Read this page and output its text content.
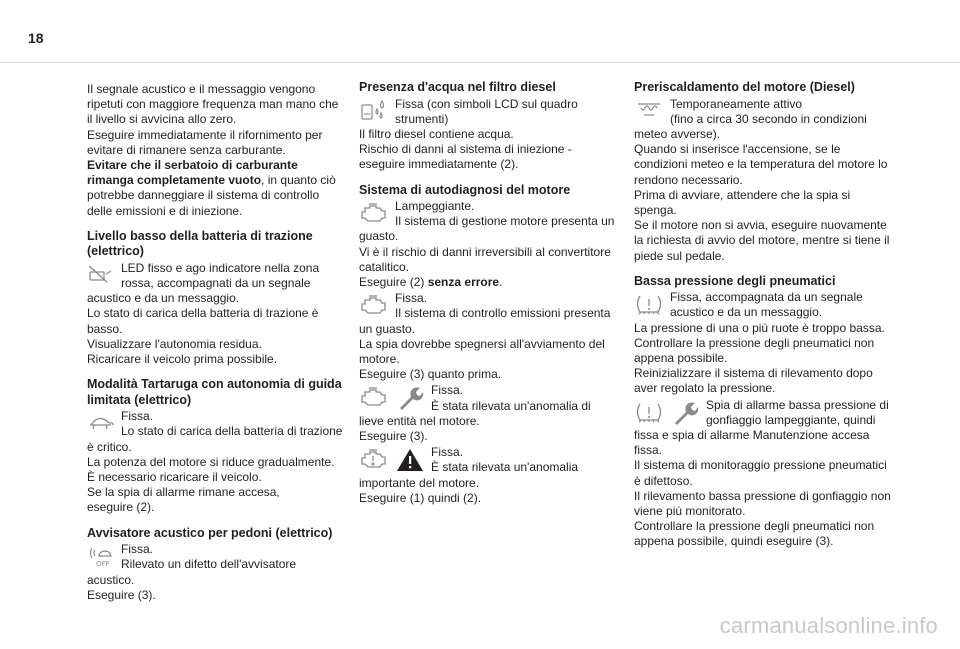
18
Il segnale acustico e il messaggio vengono ripetuti con maggiore frequenza man mano che il livello si avvicina allo zero.
Eseguire immediatamente il rifornimento per evitare di rimanere senza carburante.
Evitare che il serbatoio di carburante rimanga completamente vuoto, in quanto ciò potrebbe danneggiare il sistema di controllo delle emissioni e di iniezione.
Livello basso della batteria di trazione (elettrico)
LED fisso e ago indicatore nella zona rossa, accompagnati da un segnale
acustico e da un messaggio.
Lo stato di carica della batteria di trazione è basso.
Visualizzare l'autonomia residua.
Ricaricare il veicolo prima possibile.
Modalità Tartaruga con autonomia di guida limitata (elettrico)
Fissa.
Lo stato di carica della batteria di trazione
è critico.
La potenza del motore si riduce gradualmente.
È necessario ricaricare il veicolo.
Se la spia di allarme rimane accesa,
eseguire (2).
Avvisatore acustico per pedoni (elettrico)
OFF
Fissa.
Rilevato un difetto dell'avvisatore
acustico.
Eseguire (3).
Presenza d'acqua nel filtro diesel
Fissa (con simboli LCD sul quadro strumenti)
Il filtro diesel contiene acqua.
Rischio di danni al sistema di iniezione - eseguire immediatamente (2).
Sistema di autodiagnosi del motore
Lampeggiante.
Il sistema di gestione motore presenta un
guasto.
Vi è il rischio di danni irreversibili al convertitore catalitico.
Eseguire (2) senza errore.
Fissa.
Il sistema di controllo emissioni presenta
un guasto.
La spia dovrebbe spegnersi all'avviamento del motore.
Eseguire (3) quanto prima.
Fissa.
È stata rilevata un'anomalia di
lieve entità nel motore.
Eseguire (3).
Fissa.
È stata rilevata un'anomalia
importante del motore.
Eseguire (1) quindi (2).
Preriscaldamento del motore (Diesel)
Temporaneamente attivo
(fino a circa 30 secondo in condizioni
meteo avverse).
Quando si inserisce l'accensione, se le condizioni meteo e la temperatura del motore lo rendono necessario.
Prima di avviare, attendere che la spia si spenga.
Se il motore non si avvia, eseguire nuovamente la richiesta di avvio del motore, mentre si tiene il piede sul pedale.
Bassa pressione degli pneumatici
Fissa, accompagnata da un segnale acustico e da un messaggio.
La pressione di una o più ruote è troppo bassa.
Controllare la pressione degli pneumatici non appena possibile.
Reinizializzare il sistema di rilevamento dopo aver regolato la pressione.
Spia di allarme bassa pressione di gonfiaggio lampeggiante, quindi
fissa e spia di allarme Manutenzione accesa fissa.
Il sistema di monitoraggio pressione pneumatici è difettoso.
Il rilevamento bassa pressione di gonfiaggio non viene più monitorato.
Controllare la pressione degli pneumatici non appena possibile, quindi eseguire (3).
carmanualsonline.info
